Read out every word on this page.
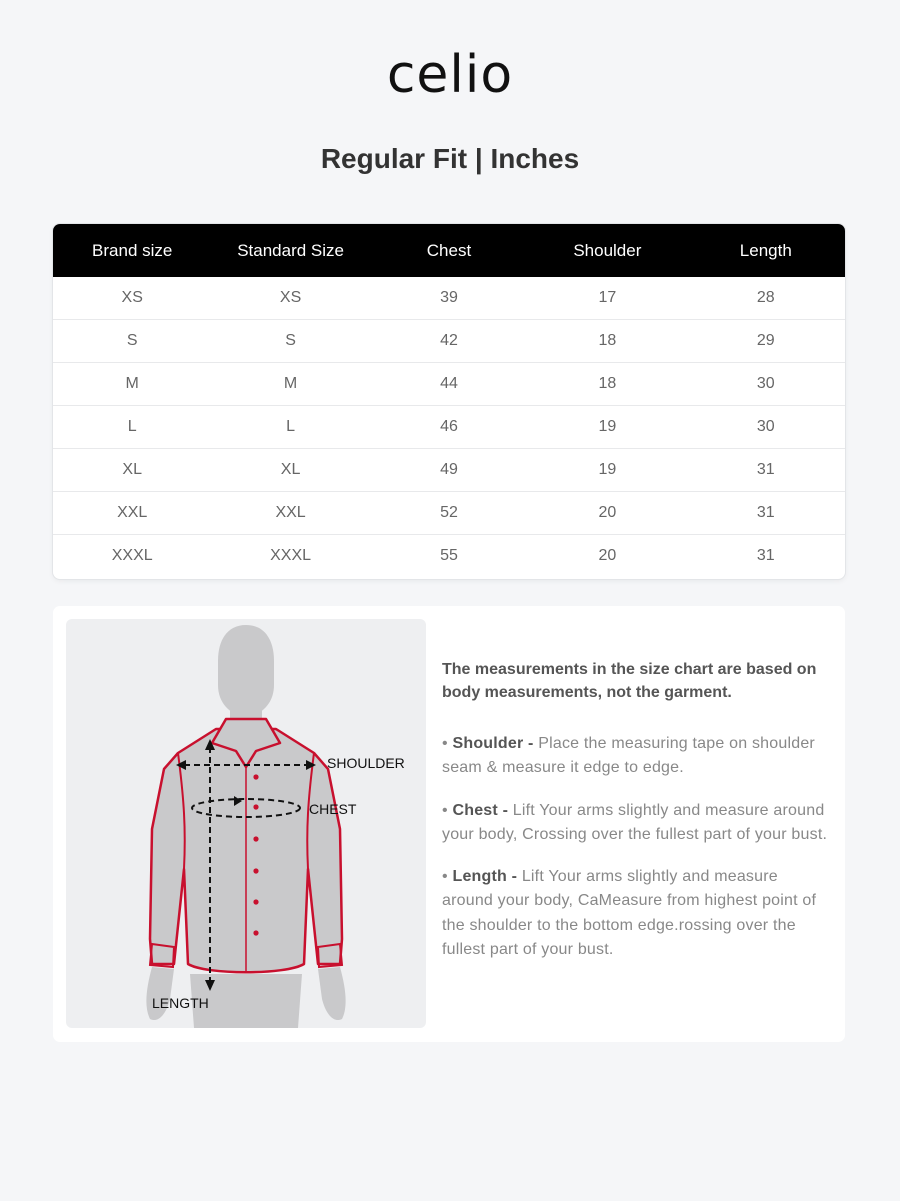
celio
Regular Fit | Inches
Brand size	Standard Size	Chest	Shoulder	Length
XS	XS	39	17	28
S	S	42	18	29
M	M	44	18	30
L	L	46	19	30
XL	XL	49	19	31
XXL	XXL	52	20	31
XXXL	XXXL	55	20	31
SHOULDER
CHEST
LENGTH

The measurements in the size chart are based on body measurements, not the garment.

• Shoulder - Place the measuring tape on shoulder seam & measure it edge to edge.

• Chest - Lift Your arms slightly and measure around your body, Crossing over the fullest part of your bust.

• Length - Lift Your arms slightly and measure around your body, CaMeasure from highest point of the shoulder to the bottom edge.rossing over the fullest part of your bust.
